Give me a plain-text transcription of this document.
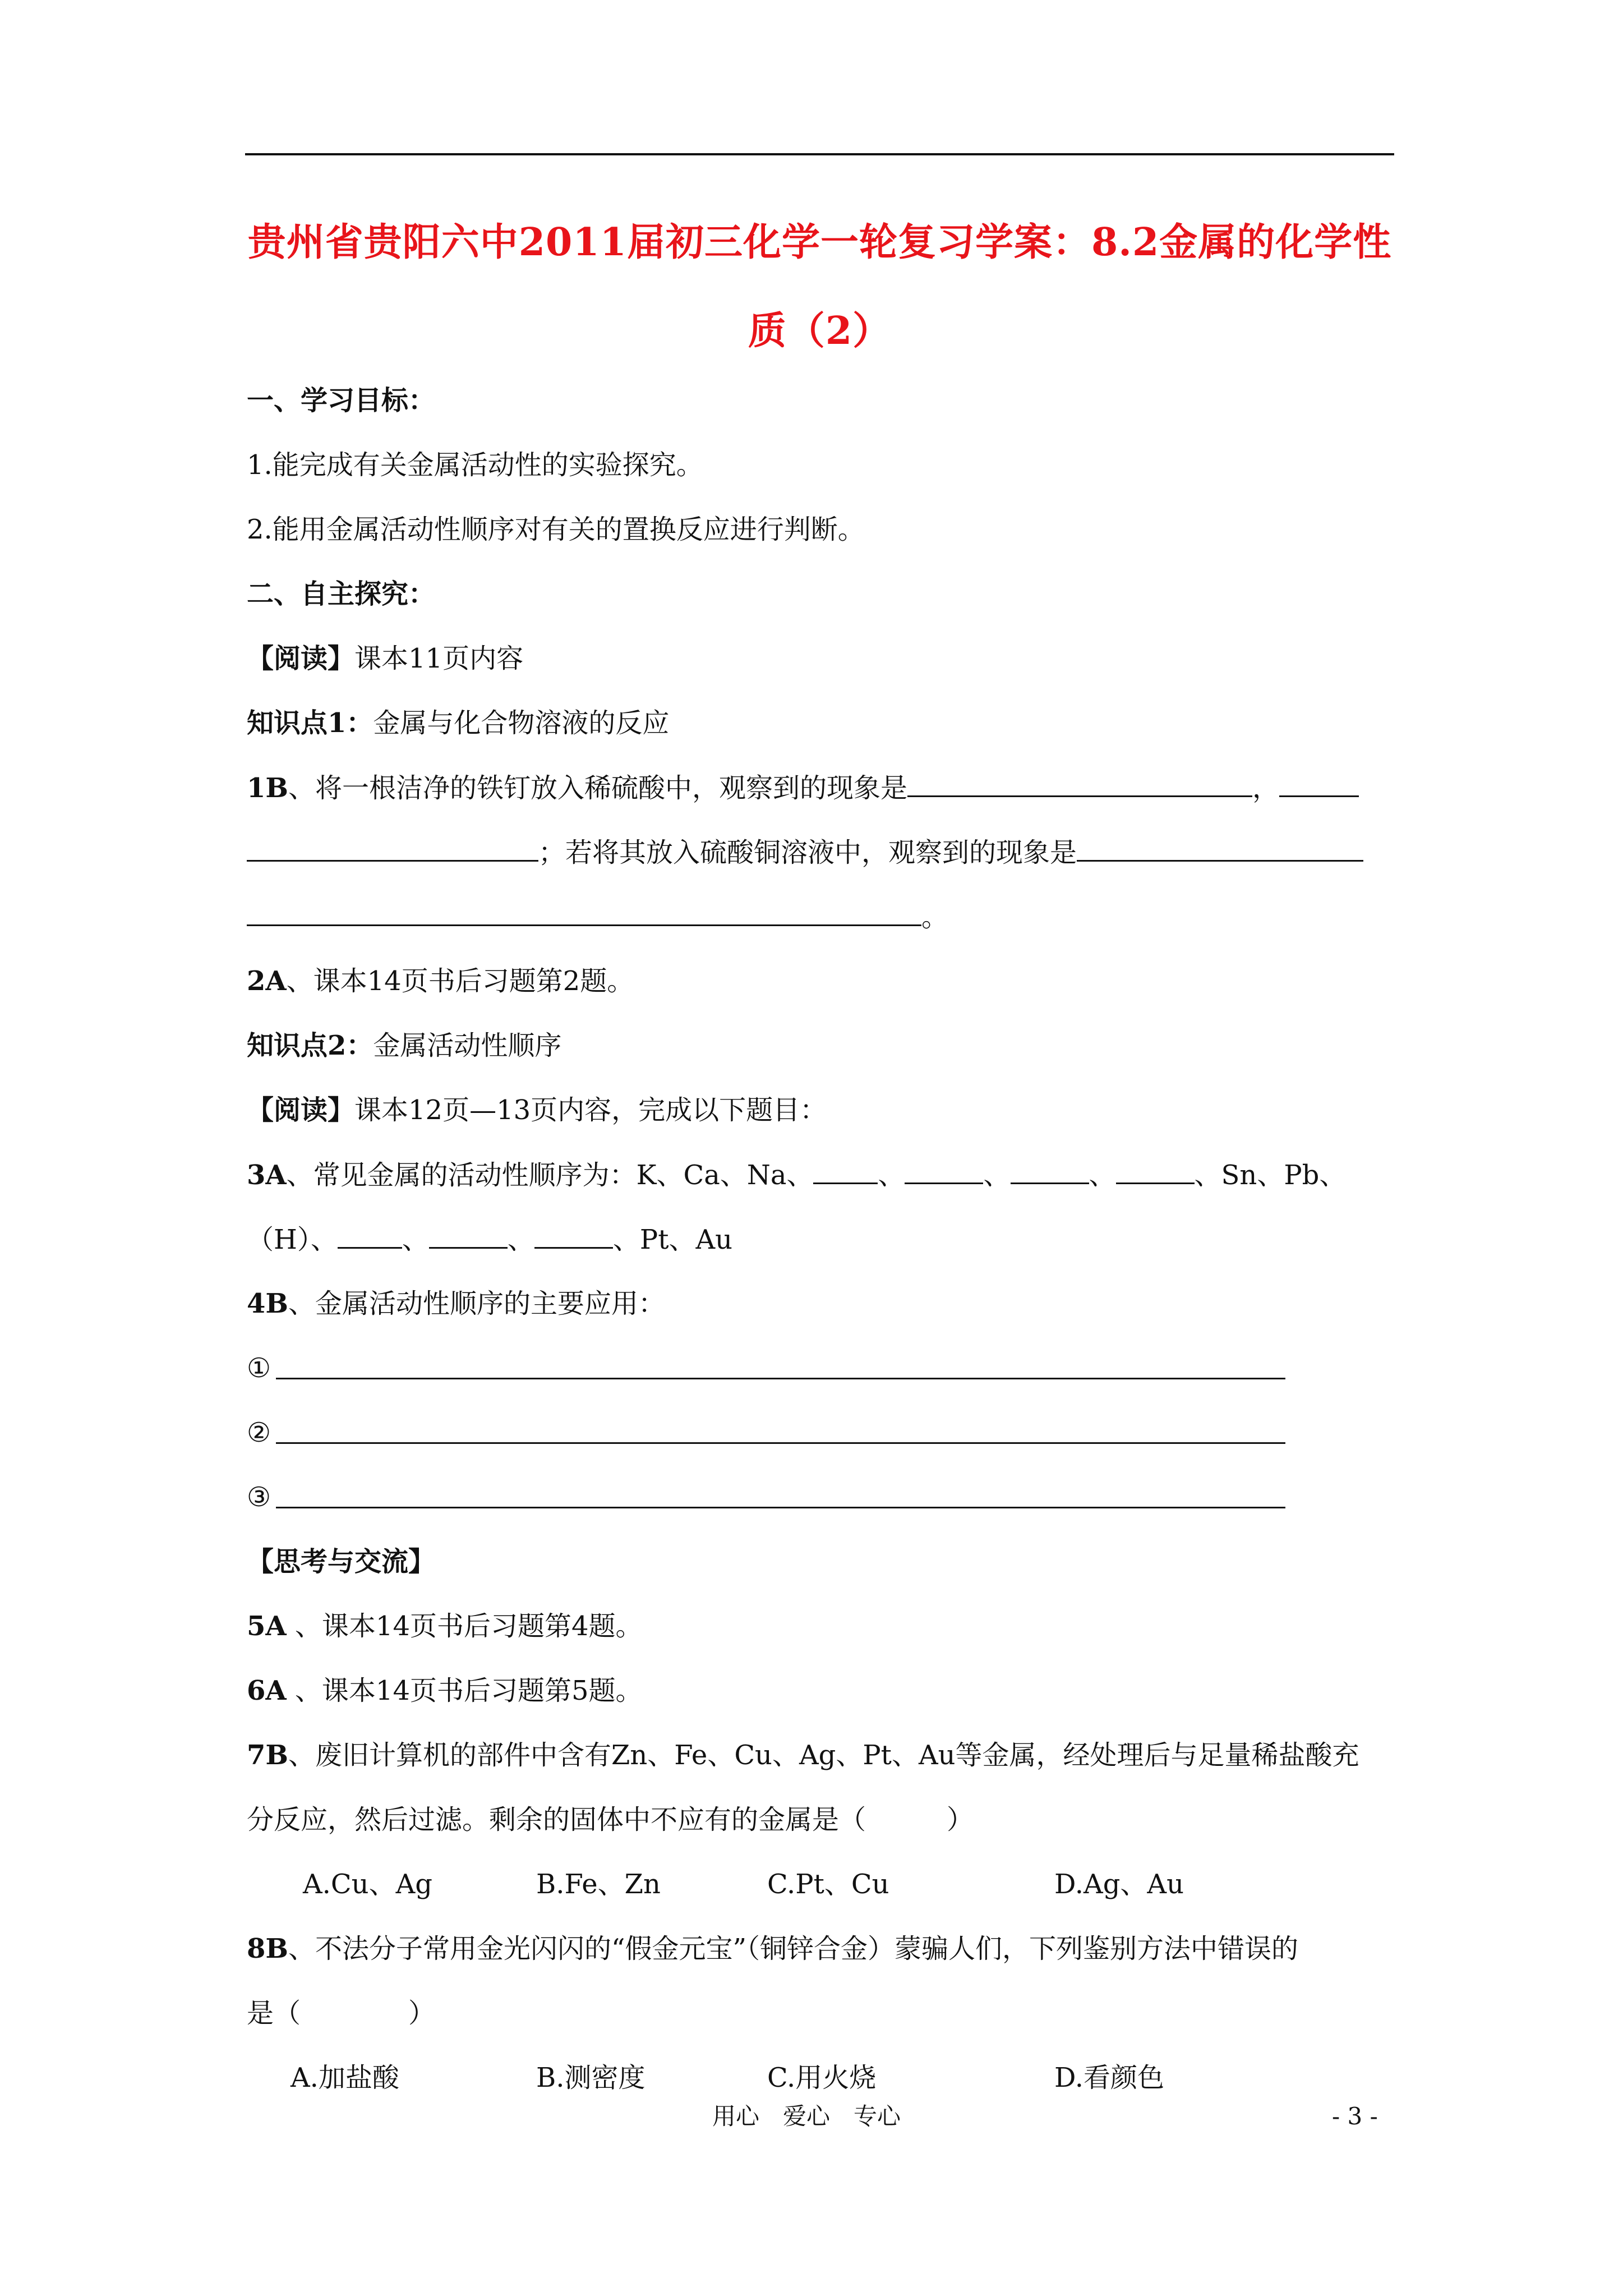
贵州省贵阳六中2011届初三化学一轮复习学案：8.2金属的化学性
质（2）
一、学习目标：
1.能完成有关金属活动性的实验探究。
2.能用金属活动性顺序对有关的置换反应进行判断。
二、自主探究：
【阅读】课本11页内容
知识点1：金属与化合物溶液的反应
1B、将一根洁净的铁钉放入稀硫酸中，观察到的现象是	，
；若将其放入硫酸铜溶液中，观察到的现象是
。
2A、课本14页书后习题第2题。
知识点2：金属活动性顺序
【阅读】课本12页—13页内容，完成以下题目：
3A、常见金属的活动性顺序为：K、Ca、Na、 、	、	、	、Sn、Pb、
（H）、 、	、	、Pt、Au
4B、金属活动性顺序的主要应用：
①
②
③
【思考与交流】
5A 、课本14页书后习题第4题。
6A 、课本14页书后习题第5题。
7B、废旧计算机的部件中含有Zn、Fe、Cu、Ag、Pt、Au等金属，经处理后与足量稀盐酸充
分反应，然后过滤。剩余的固体中不应有的金属是（　　　）
A.Cu、Ag	B.Fe、Zn	C.Pt、Cu	D.Ag、Au
8B、不法分子常用金光闪闪的“假金元宝”（铜锌合金）蒙骗人们，下列鉴别方法中错误的
是（　　　　）
A.加盐酸	B.测密度	C.用火烧	D.看颜色
用心　爱心　专心	- 3 -
